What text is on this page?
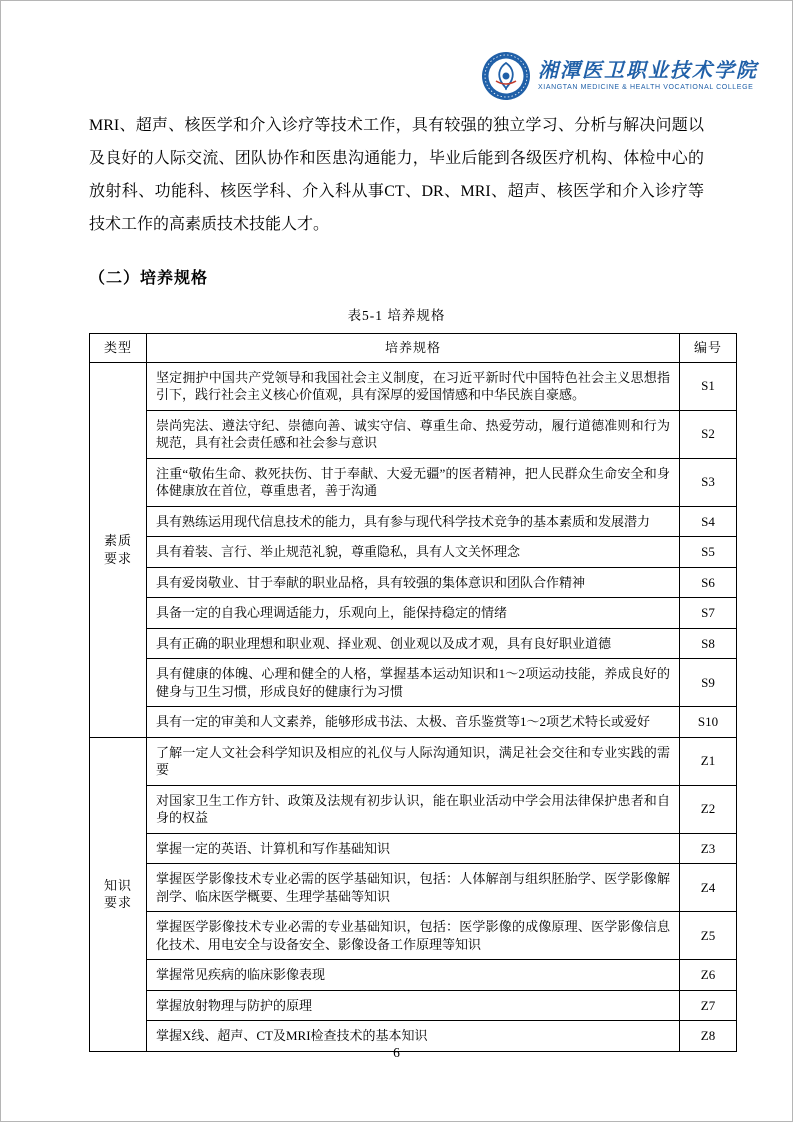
湘潭医卫职业技术学院
XIANGTAN MEDICINE & HEALTH VOCATIONAL COLLEGE

MRI、超声、核医学和介入诊疗等技术工作，具有较强的独立学习、分析与解决问题以及良好的人际交流、团队协作和医患沟通能力，毕业后能到各级医疗机构、体检中心的放射科、功能科、核医学科、介入科从事CT、DR、MRI、超声、核医学和介入诊疗等技术工作的高素质技术技能人才。

（二）培养规格
表5-1 培养规格
类型	培养规格	编号
素质要求	坚定拥护中国共产党领导和我国社会主义制度，在习近平新时代中国特色社会主义思想指引下，践行社会主义核心价值观，具有深厚的爱国情感和中华民族自豪感。	S1
	崇尚宪法、遵法守纪、崇德向善、诚实守信、尊重生命、热爱劳动，履行道德准则和行为规范，具有社会责任感和社会参与意识	S2
	注重“敬佑生命、救死扶伤、甘于奉献、大爱无疆”的医者精神，把人民群众生命安全和身体健康放在首位，尊重患者，善于沟通	S3
	具有熟练运用现代信息技术的能力，具有参与现代科学技术竞争的基本素质和发展潜力	S4
	具有着装、言行、举止规范礼貌，尊重隐私，具有人文关怀理念	S5
	具有爱岗敬业、甘于奉献的职业品格，具有较强的集体意识和团队合作精神	S6
	具备一定的自我心理调适能力，乐观向上，能保持稳定的情绪	S7
	具有正确的职业理想和职业观、择业观、创业观以及成才观，具有良好职业道德	S8
	具有健康的体魄、心理和健全的人格，掌握基本运动知识和1～2项运动技能，养成良好的健身与卫生习惯，形成良好的健康行为习惯	S9
	具有一定的审美和人文素养，能够形成书法、太极、音乐鉴赏等1～2项艺术特长或爱好	S10
知识要求	了解一定人文社会科学知识及相应的礼仪与人际沟通知识，满足社会交往和专业实践的需要	Z1
	对国家卫生工作方针、政策及法规有初步认识，能在职业活动中学会用法律保护患者和自身的权益	Z2
	掌握一定的英语、计算机和写作基础知识	Z3
	掌握医学影像技术专业必需的医学基础知识，包括：人体解剖与组织胚胎学、医学影像解剖学、临床医学概要、生理学基础等知识	Z4
	掌握医学影像技术专业必需的专业基础知识，包括：医学影像的成像原理、医学影像信息化技术、用电安全与设备安全、影像设备工作原理等知识	Z5
	掌握常见疾病的临床影像表现	Z6
	掌握放射物理与防护的原理	Z7
	掌握X线、超声、CT及MRI检查技术的基本知识	Z8
6
